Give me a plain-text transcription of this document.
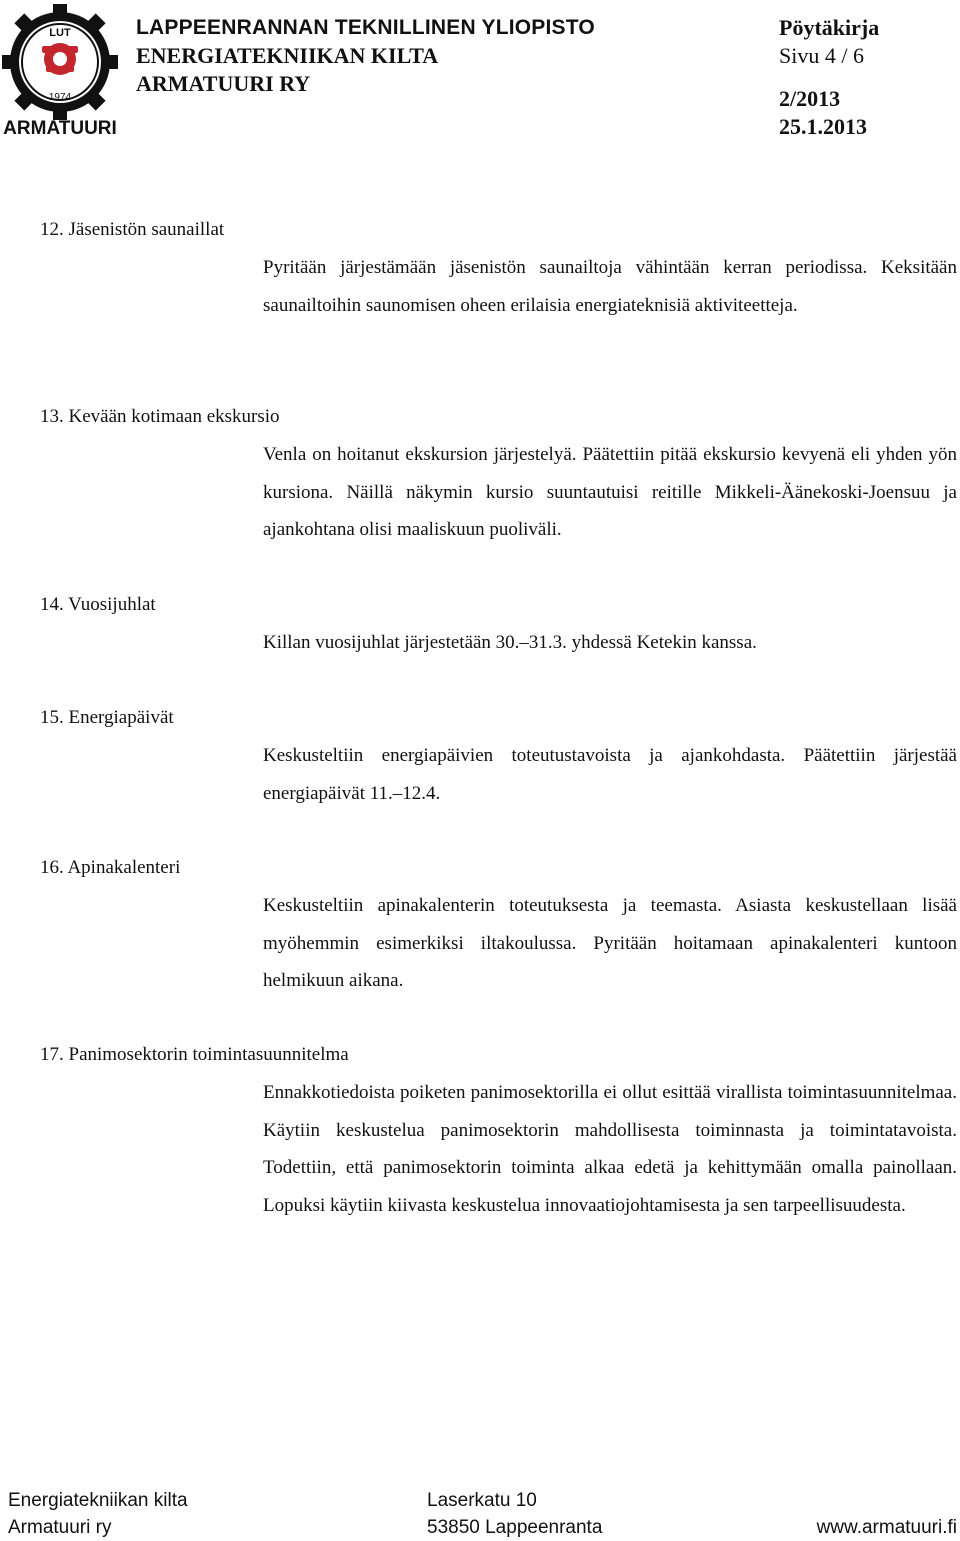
LUT
1974
ARMATUURI
LAPPEENRANNAN TEKNILLINEN YLIOPISTO
ENERGIATEKNIIKAN KILTA
ARMATUURI RY
Pöytäkirja
Sivu 4 / 6
2/2013
25.1.2013
12. Jäsenistön saunaillat
Pyritään järjestämään jäsenistön saunailtoja vähintään kerran periodissa. Keksitään saunailtoihin saunomisen oheen erilaisia energiateknisiä aktiviteetteja.
13. Kevään kotimaan ekskursio
Venla on hoitanut ekskursion järjestelyä. Päätettiin pitää ekskursio kevyenä eli yhden yön kursiona. Näillä näkymin kursio suuntautuisi reitille Mikkeli-Äänekoski-Joensuu ja ajankohtana olisi maaliskuun puoliväli.
14. Vuosijuhlat
Killan vuosijuhlat järjestetään 30.–31.3. yhdessä Ketekin kanssa.
15. Energiapäivät
Keskusteltiin energiapäivien toteutustavoista ja ajankohdasta. Päätettiin järjestää energiapäivät 11.–12.4.
16. Apinakalenteri
Keskusteltiin apinakalenterin toteutuksesta ja teemasta. Asiasta keskustellaan lisää myöhemmin esimerkiksi iltakoulussa. Pyritään hoitamaan apinakalenteri kuntoon helmikuun aikana.
17. Panimosektorin toimintasuunnitelma
Ennakkotiedoista poiketen panimosektorilla ei ollut esittää virallista toimintasuunnitelmaa. Käytiin keskustelua panimosektorin mahdollisesta toiminnasta ja toimintatavoista. Todettiin, että panimosektorin toiminta alkaa edetä ja kehittymään omalla painollaan. Lopuksi käytiin kiivasta keskustelua innovaatiojohtamisesta ja sen tarpeellisuudesta.
Energiatekniikan kilta
Armatuuri ry
Laserkatu 10
53850 Lappeenranta	www.armatuuri.fi
